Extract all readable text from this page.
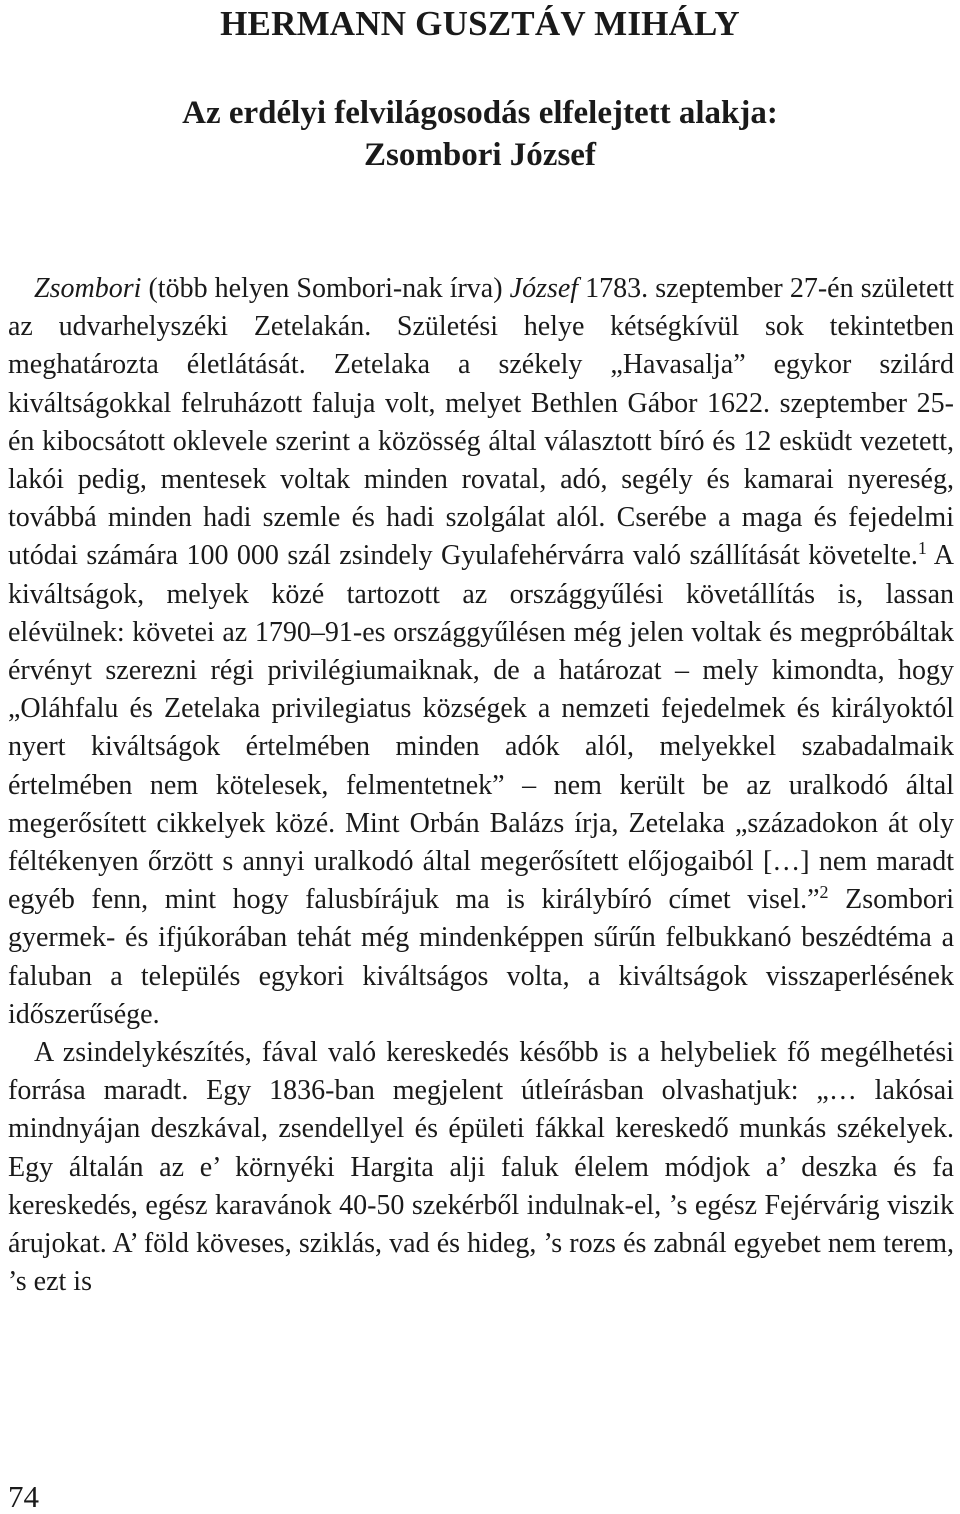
HERMANN GUSZTÁV MIHÁLY
Az erdélyi felvilágosodás elfelejtett alakja:
Zsombori József

Zsombori (több helyen Sombori-nak írva) József 1783. szeptember 27-én született az udvarhelyszéki Zetelakán. Születési helye kétségkívül sok tekintetben meghatározta életlátását. Zetelaka a székely „Havasalja” egykor szilárd kiváltságokkal felruházott faluja volt, melyet Bethlen Gábor 1622. szeptember 25-én kibocsátott oklevele szerint a közösség által választott bíró és 12 esküdt vezetett, lakói pedig, mentesek voltak minden rovatal, adó, segély és kamarai nyereség, továbbá minden hadi szemle és hadi szolgálat alól. Cserébe a maga és fejedelmi utódai számára 100 000 szál zsindely Gyulafehérvárra való szállítását követelte.$^1$ A kiváltságok, melyek közé tartozott az országgyűlési követállítás is, lassan elévülnek: követei az 1790–91-es országgyűlésen még jelen voltak és megpróbáltak érvényt szerezni régi privilégiumaiknak, de a határozat – mely kimondta, hogy „Oláhfalu és Zetelaka privilegiatus községek a nemzeti fejedelmek és királyoktól nyert kiváltságok értelmében minden adók alól, melyekkel szabadalmaik értelmében nem kötelesek, felmentetnek” – nem került be az uralkodó által megerősített cikkelyek közé. Mint Orbán Balázs írja, Zetelaka „századokon át oly féltékenyen őrzött s annyi uralkodó által megerősített előjogaiból […] nem maradt egyéb fenn, mint hogy falusbírájuk ma is királybíró címet visel.”$^2$ Zsombori gyermek- és ifjúkorában tehát még mindenképpen sűrűn felbukkanó beszédtéma a faluban a település egykori kiváltságos volta, a kiváltságok visszaperlésének időszerűsége.

A zsindelykészítés, fával való kereskedés később is a helybeliek fő megélhetési forrása maradt. Egy 1836-ban megjelent útleírásban olvashatjuk: „… lakósai mindnyájan deszkával, zsendellyel és épületi fákkal kereskedő munkás székelyek. Egy általán az e’ környéki Hargita alji faluk élelem módjok a’ deszka és fa kereskedés, egész karavánok 40-50 szekérből indulnak-el, ’s egész Fejérvárig viszik árujokat. A’ föld köveses, sziklás, vad és hideg, ’s rozs és zabnál egyebet nem terem, ’s ezt is

74
